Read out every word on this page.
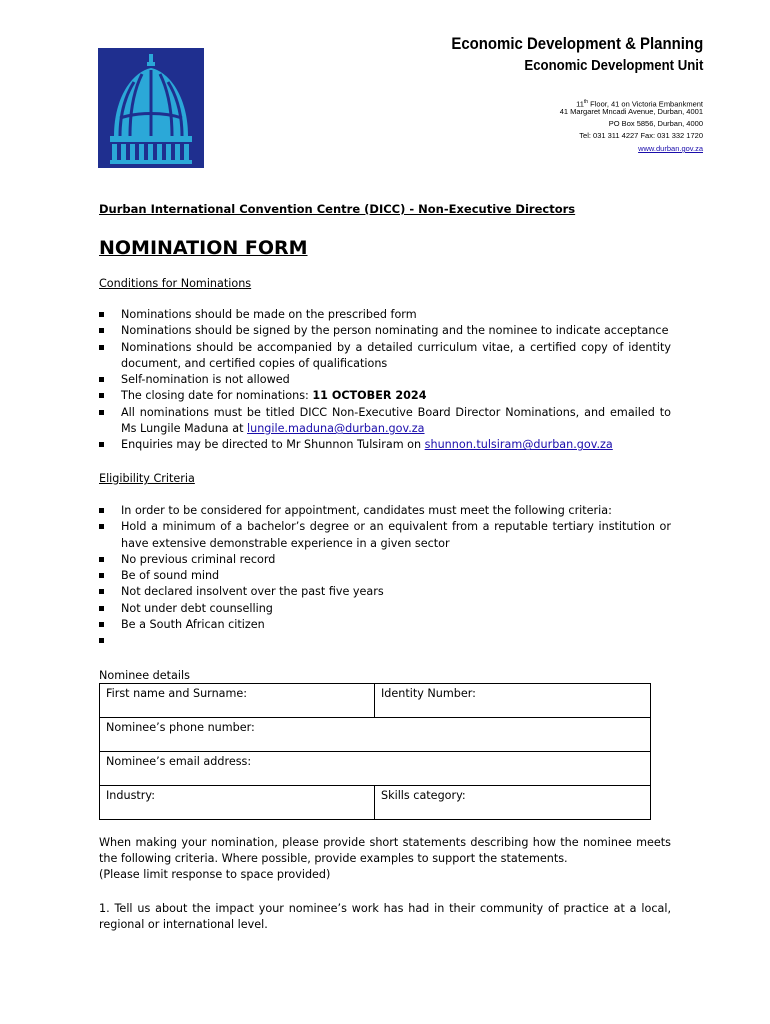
ETHEKWINI
MUNICIPALITY
Economic Development & Planning
Economic Development Unit
11th Floor, 41 on Victoria Embankment
41 Margaret Mncadi Avenue, Durban, 4001
PO Box 5856, Durban, 4000
Tel: 031 311 4227 Fax: 031 332 1720
www.durban.gov.za
Durban International Convention Centre (DICC) - Non-Executive Directors
NOMINATION FORM
Conditions for Nominations
Nominations should be made on the prescribed form
Nominations should be signed by the person nominating and the nominee to indicate acceptance
Nominations should be accompanied by a detailed curriculum vitae, a certified copy of identity document, and certified copies of qualifications
Self-nomination is not allowed
The closing date for nominations: 11 OCTOBER 2024
All nominations must be titled DICC Non-Executive Board Director Nominations, and emailed to Ms Lungile Maduna at lungile.maduna@durban.gov.za
Enquiries may be directed to Mr Shunnon Tulsiram on shunnon.tulsiram@durban.gov.za
Eligibility Criteria
In order to be considered for appointment, candidates must meet the following criteria:
Hold a minimum of a bachelor’s degree or an equivalent from a reputable tertiary institution or have extensive demonstrable experience in a given sector
No previous criminal record
Be of sound mind
Not declared insolvent over the past five years
Not under debt counselling
Be a South African citizen
Nominee details
First name and Surname:	Identity Number:
Nominee’s phone number:	
Nominee’s email address:	
Industry:	Skills category:
When making your nomination, please provide short statements describing how the nominee meets the following criteria. Where possible, provide examples to support the statements.
(Please limit response to space provided)
1. Tell us about the impact your nominee’s work has had in their community of practice at a local, regional or international level.
